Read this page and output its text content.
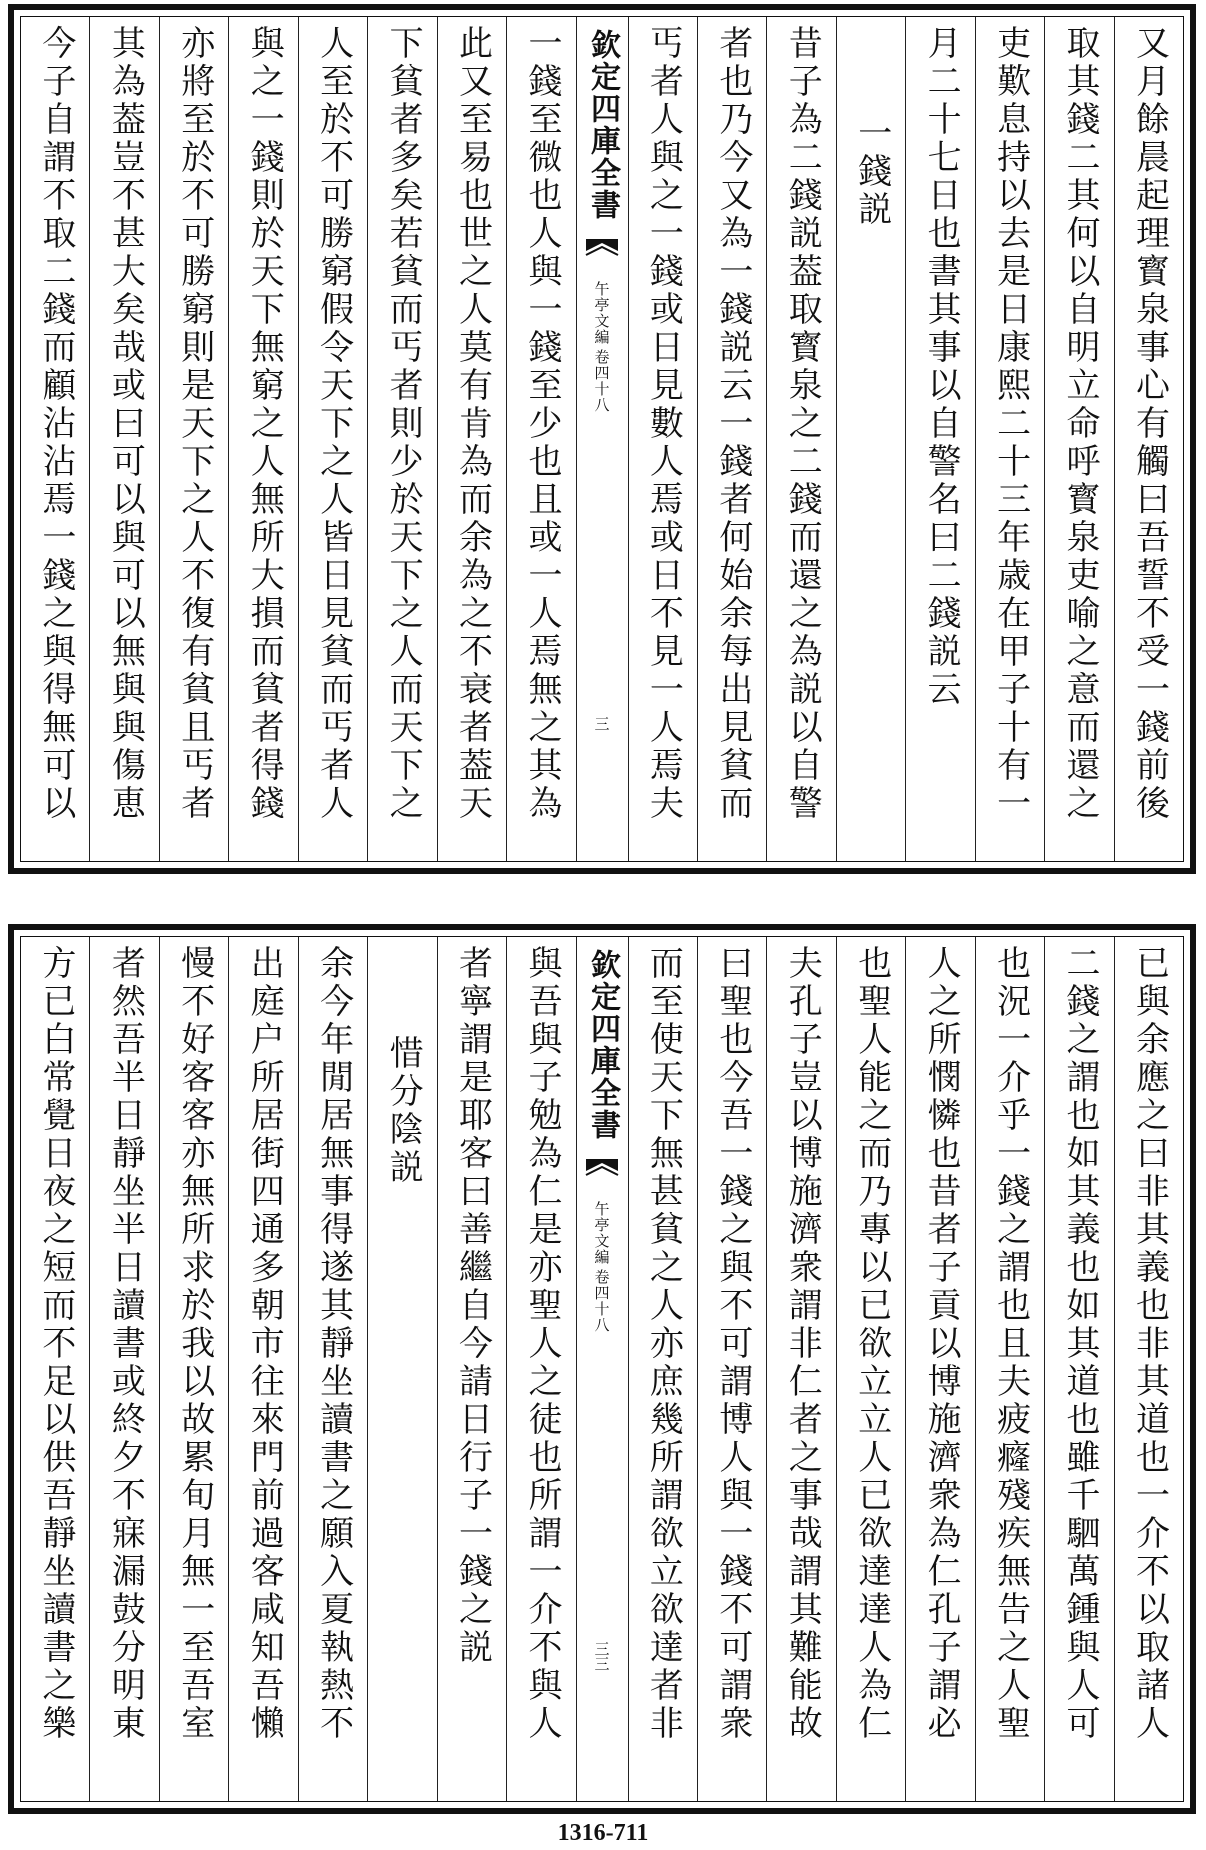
又月餘晨起理寳泉事心有觸曰吾誓不受一錢前後
取其錢二其何以自明立命呼寳泉吏喻之意而還之
吏歎息持以去是日康熙二十三年歳在甲子十有一
月二十七日也書其事以自警名曰二錢説云
一錢説
昔子為二錢説葢取寳泉之二錢而還之為説以自警
者也乃今又為一錢説云一錢者何始余每出見貧而
丐者人與之一錢或日見數人焉或日不見一人焉夫
欽定四庫全書
午亭文編
卷四十八
三
一錢至微也人與一錢至少也且或一人焉無之其為
此又至易也世之人莫有肯為而余為之不衰者葢天
下貧者多矣若貧而丐者則少於天下之人而天下之
人至於不可勝窮假令天下之人皆日見貧而丐者人
與之一錢則於天下無窮之人無所大損而貧者得錢
亦將至於不可勝窮則是天下之人不復有貧且丐者
其為葢豈不甚大矣哉或曰可以與可以無與與傷恵
今子自謂不取二錢而顧沾沾焉一錢之與得無可以
已與余應之曰非其義也非其道也一介不以取諸人
二錢之謂也如其義也如其道也雖千駟萬鍾與人可
也況一介乎一錢之謂也且夫疲癃殘疾無告之人聖
人之所憫憐也昔者子貢以博施濟衆為仁孔子謂必
也聖人能之而乃專以已欲立立人已欲達達人為仁
夫孔子豈以博施濟衆謂非仁者之事哉謂其難能故
曰聖也今吾一錢之與不可謂博人與一錢不可謂衆
而至使天下無甚貧之人亦庶幾所謂欲立欲達者非
欽定四庫全書
午亭文編
卷四十八
三三
與吾與子勉為仁是亦聖人之徒也所謂一介不與人
者寧謂是耶客曰善繼自今請日行子一錢之説
惜分陰説
余今年閒居無事得遂其靜坐讀書之願入夏執熱不
出庭户所居街四通多朝市往來門前過客咸知吾懶
慢不好客客亦無所求於我以故累旬月無一至吾室
者然吾半日靜坐半日讀書或終夕不寐漏鼓分明東
方已白常覺日夜之短而不足以供吾靜坐讀書之樂
1316-711
